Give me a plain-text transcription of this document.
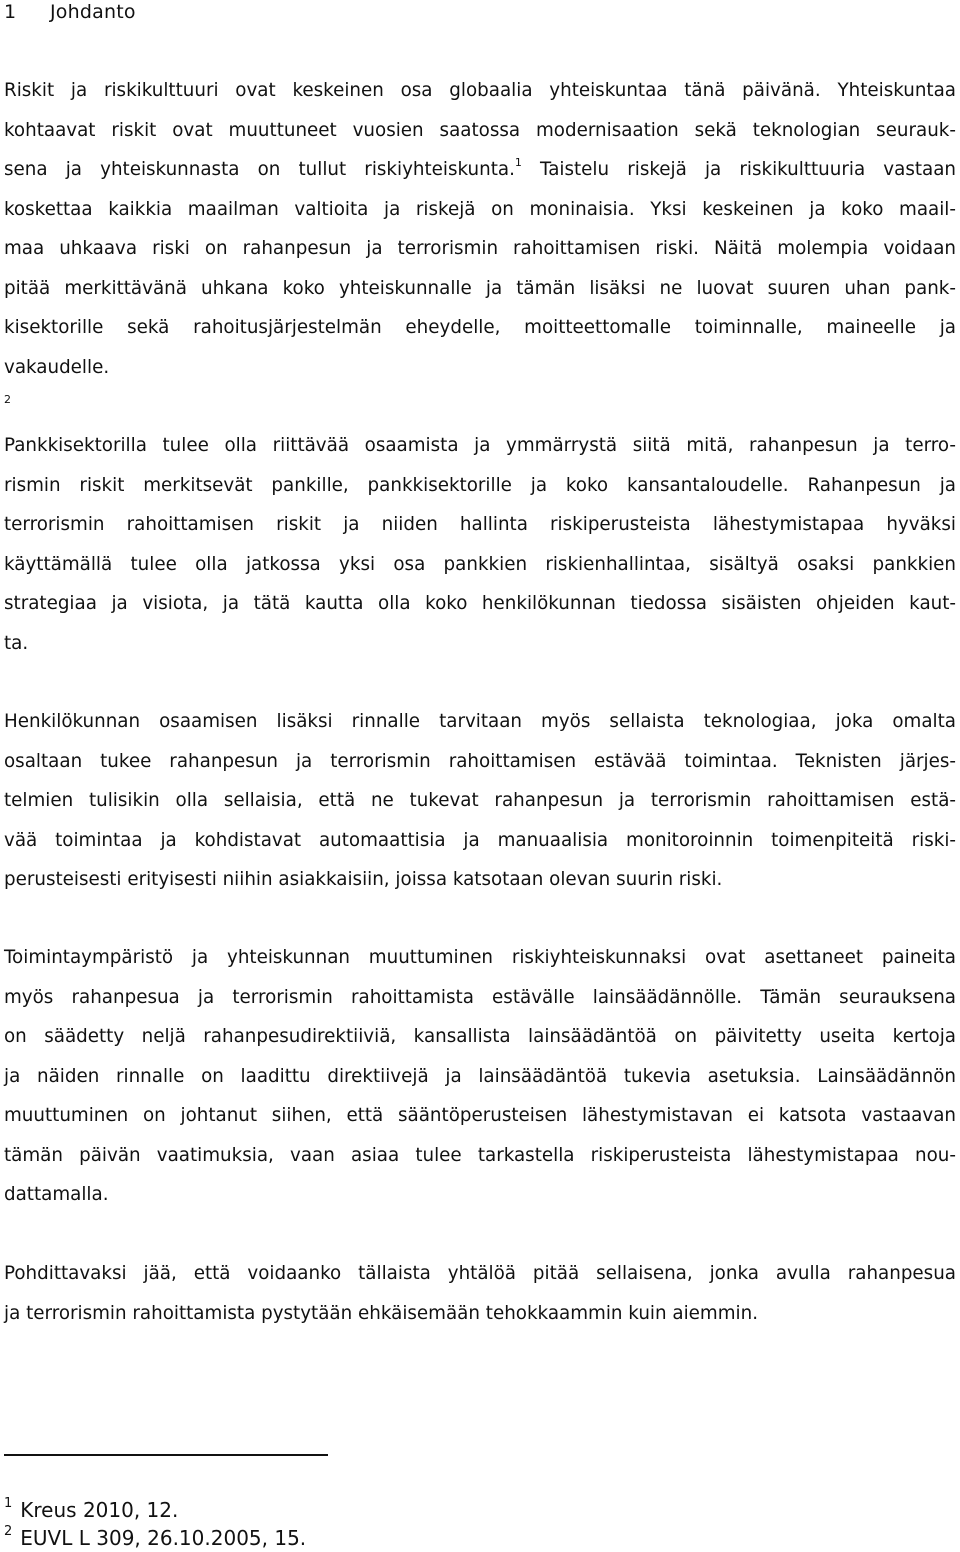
1 Johdanto
Riskit ja riskikulttuuri ovat keskeinen osa globaalia yhteiskuntaa tänä päivänä. Yhteiskuntaa
kohtaavat riskit ovat muuttuneet vuosien saatossa modernisaation sekä teknologian seurauk-
sena ja yhteiskunnasta on tullut riskiyhteiskunta.$^1$ Taistelu riskejä ja riskikulttuuria vastaan
koskettaa kaikkia maailman valtioita ja riskejä on moninaisia. Yksi keskeinen ja koko maail-
maa uhkaava riski on rahanpesun ja terrorismin rahoittamisen riski. Näitä molempia voidaan
pitää merkittävänä uhkana koko yhteiskunnalle ja tämän lisäksi ne luovat suuren uhan pank-
kisektorille sekä rahoitusjärjestelmän eheydelle, moitteettomalle toiminnalle, maineelle ja
vakaudelle.
$^2$
Pankkisektorilla tulee olla riittävää osaamista ja ymmärrystä siitä mitä, rahanpesun ja terro-
rismin riskit merkitsevät pankille, pankkisektorille ja koko kansantaloudelle. Rahanpesun ja
terrorismin rahoittamisen riskit ja niiden hallinta riskiperusteista lähestymistapaa hyväksi
käyttämällä tulee olla jatkossa yksi osa pankkien riskienhallintaa, sisältyä osaksi pankkien
strategiaa ja visiota, ja tätä kautta olla koko henkilökunnan tiedossa sisäisten ohjeiden kaut-
ta.
Henkilökunnan osaamisen lisäksi rinnalle tarvitaan myös sellaista teknologiaa, joka omalta
osaltaan tukee rahanpesun ja terrorismin rahoittamisen estävää toimintaa. Teknisten järjes-
telmien tulisikin olla sellaisia, että ne tukevat rahanpesun ja terrorismin rahoittamisen estä-
vää toimintaa ja kohdistavat automaattisia ja manuaalisia monitoroinnin toimenpiteitä riski-
perusteisesti erityisesti niihin asiakkaisiin, joissa katsotaan olevan suurin riski.
Toimintaympäristö ja yhteiskunnan muuttuminen riskiyhteiskunnaksi ovat asettaneet paineita
myös rahanpesua ja terrorismin rahoittamista estävälle lainsäädännölle. Tämän seurauksena
on säädetty neljä rahanpesudirektiiviä, kansallista lainsäädäntöä on päivitetty useita kertoja
ja näiden rinnalle on laadittu direktiivejä ja lainsäädäntöä tukevia asetuksia. Lainsäädännön
muuttuminen on johtanut siihen, että sääntöperusteisen lähestymistavan ei katsota vastaavan
tämän päivän vaatimuksia, vaan asiaa tulee tarkastella riskiperusteista lähestymistapaa nou-
dattamalla.
Pohdittavaksi jää, että voidaanko tällaista yhtälöä pitää sellaisena, jonka avulla rahanpesua
ja terrorismin rahoittamista pystytään ehkäisemään tehokkaammin kuin aiemmin.
$^1$ Kreus 2010, 12.
$^2$ EUVL L 309, 26.10.2005, 15.
